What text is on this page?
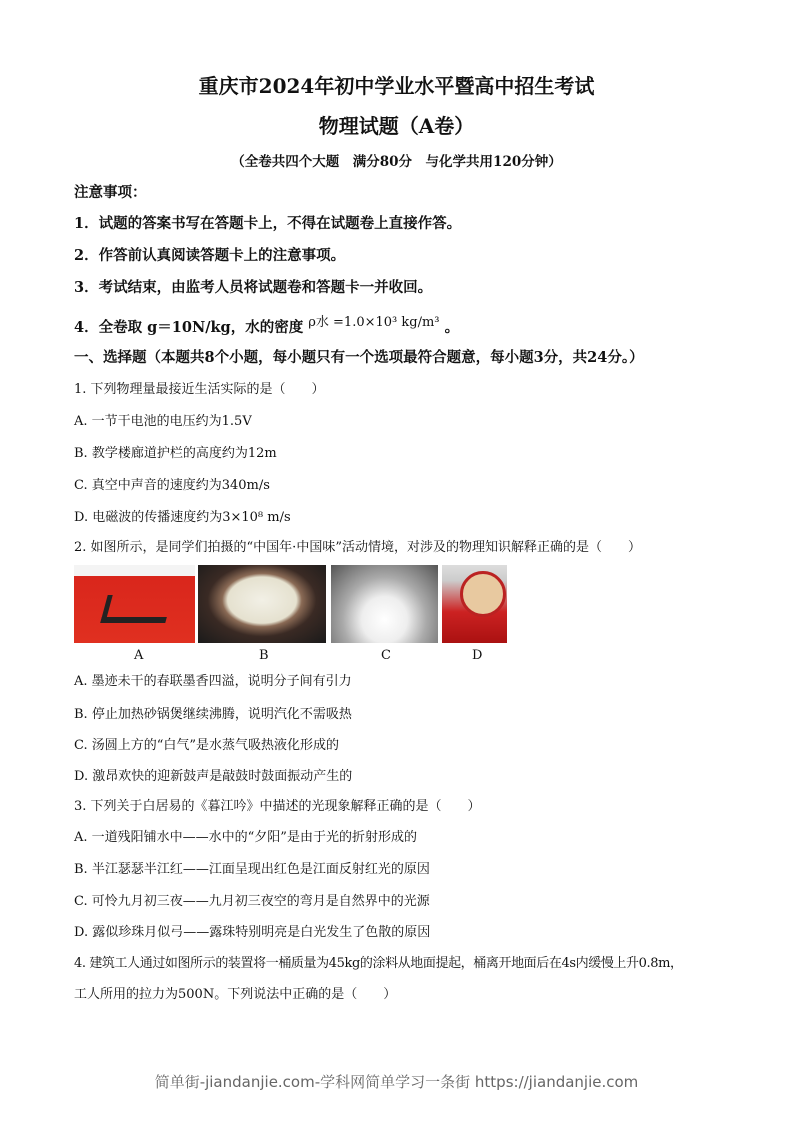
重庆市2024年初中学业水平暨高中招生考试
物理试题（A卷）
（全卷共四个大题　满分80分　与化学共用120分钟）
注意事项：
1．试题的答案书写在答题卡上，不得在试题卷上直接作答。
2．作答前认真阅读答题卡上的注意事项。
3．考试结束，由监考人员将试题卷和答题卡一并收回。
4．全卷取 g＝10N/kg，水的密度 ρ水 =1.0×10³ kg/m³ 。
一、选择题（本题共8个小题，每小题只有一个选项最符合题意，每小题3分，共24分。）
1. 下列物理量最接近生活实际的是（　　）
A. 一节干电池的电压约为1.5V
B. 教学楼廊道护栏的高度约为12m
C. 真空中声音的速度约为340m/s
D. 电磁波的传播速度约为3×10⁸ m/s
2. 如图所示，是同学们拍摄的“中国年·中国味”活动情境，对涉及的物理知识解释正确的是（　　）
A	B	C	D
A. 墨迹未干的春联墨香四溢，说明分子间有引力
B. 停止加热砂锅煲继续沸腾，说明汽化不需吸热
C. 汤圆上方的“白气”是水蒸气吸热液化形成的
D. 激昂欢快的迎新鼓声是敲鼓时鼓面振动产生的
3. 下列关于白居易的《暮江吟》中描述的光现象解释正确的是（　　）
A. 一道残阳铺水中——水中的“夕阳”是由于光的折射形成的
B. 半江瑟瑟半江红——江面呈现出红色是江面反射红光的原因
C. 可怜九月初三夜——九月初三夜空的弯月是自然界中的光源
D. 露似珍珠月似弓——露珠特别明亮是白光发生了色散的原因
4. 建筑工人通过如图所示的装置将一桶质量为45kg的涂料从地面提起，桶离开地面后在4s内缓慢上升0.8m，
工人所用的拉力为500N。下列说法中正确的是（　　）
简单街-jiandanjie.com-学科网简单学习一条街 https://jiandanjie.com
